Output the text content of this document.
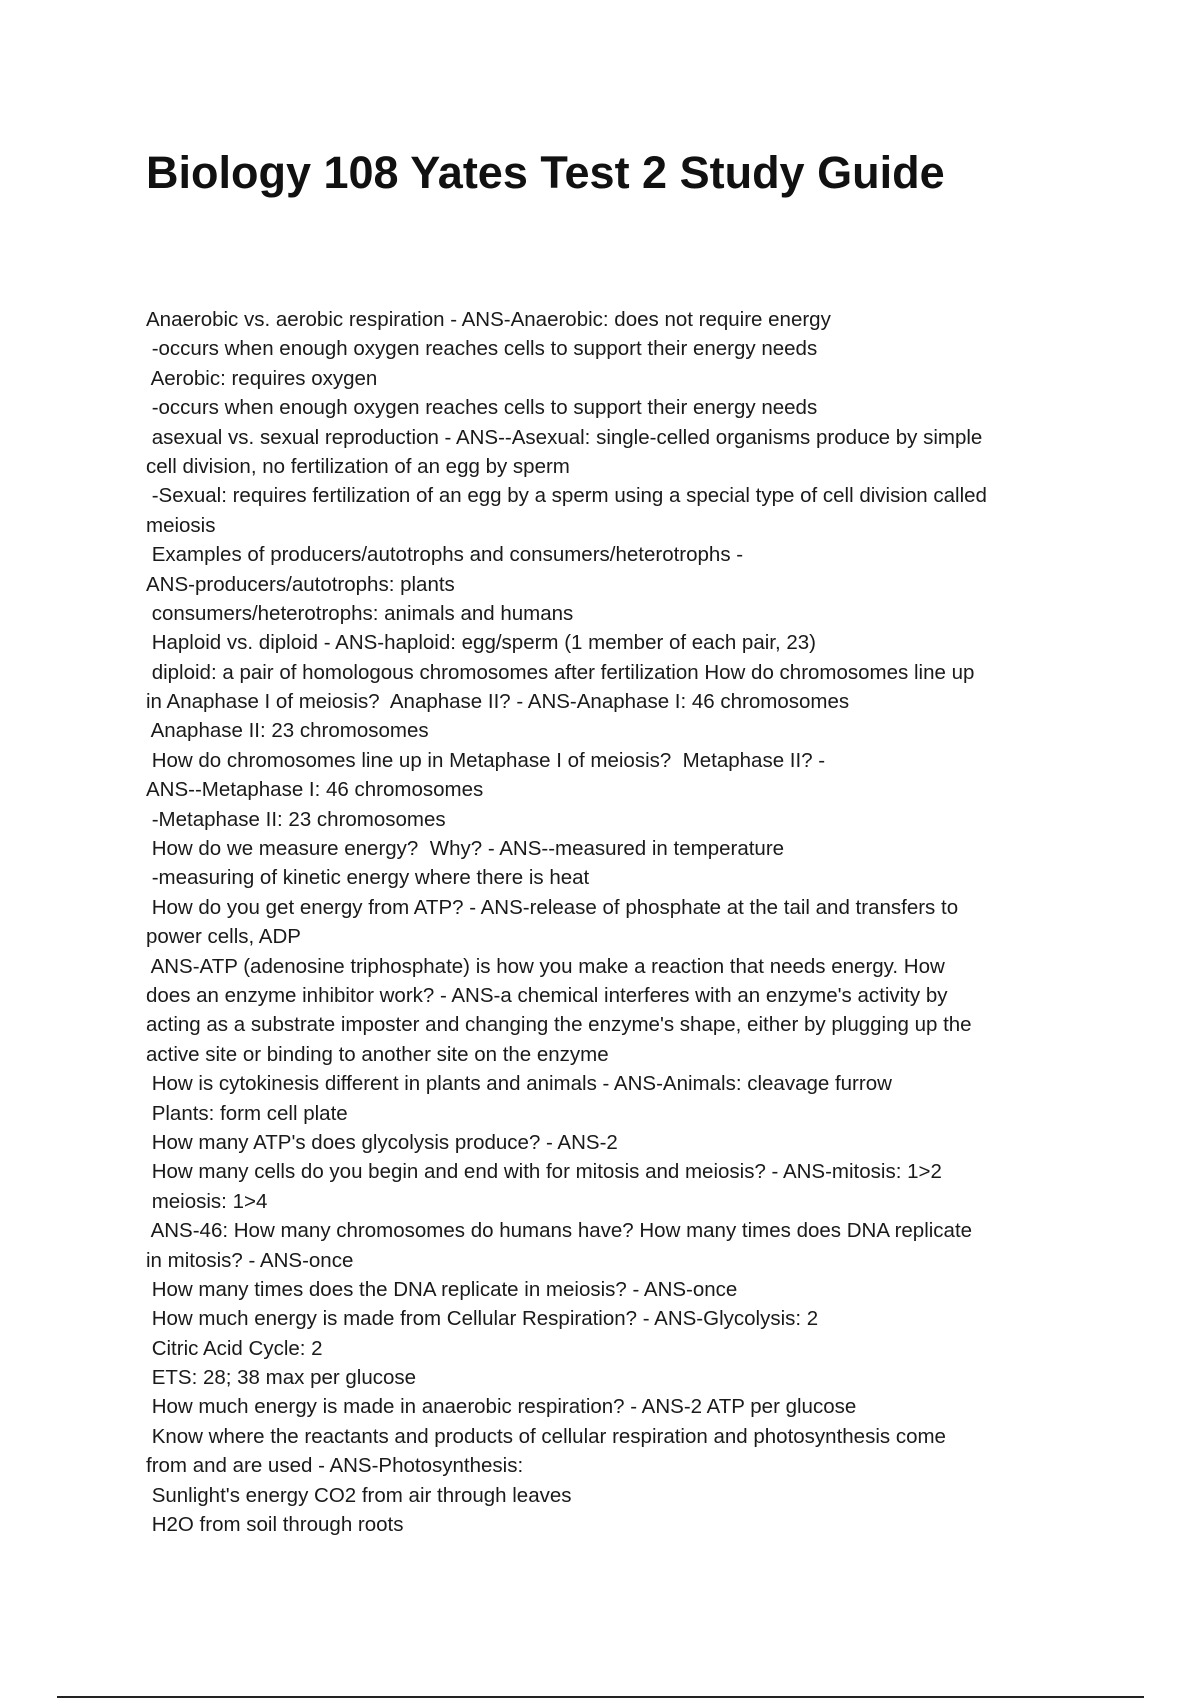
Biology 108 Yates Test 2 Study Guide
Anaerobic vs. aerobic respiration - ANS-Anaerobic: does not require energy
-occurs when enough oxygen reaches cells to support their energy needs
Aerobic: requires oxygen
-occurs when enough oxygen reaches cells to support their energy needs
asexual vs. sexual reproduction - ANS--Asexual: single-celled organisms produce by simple
cell division, no fertilization of an egg by sperm
-Sexual: requires fertilization of an egg by a sperm using a special type of cell division called
meiosis
Examples of producers/autotrophs and consumers/heterotrophs -
ANS-producers/autotrophs: plants
consumers/heterotrophs: animals and humans
Haploid vs. diploid - ANS-haploid: egg/sperm (1 member of each pair, 23)
diploid: a pair of homologous chromosomes after fertilization How do chromosomes line up
in Anaphase I of meiosis?  Anaphase II? - ANS-Anaphase I: 46 chromosomes
Anaphase II: 23 chromosomes
How do chromosomes line up in Metaphase I of meiosis?  Metaphase II? -
ANS--Metaphase I: 46 chromosomes
-Metaphase II: 23 chromosomes
How do we measure energy?  Why? - ANS--measured in temperature
-measuring of kinetic energy where there is heat
How do you get energy from ATP? - ANS-release of phosphate at the tail and transfers to
power cells, ADP
ANS-ATP (adenosine triphosphate) is how you make a reaction that needs energy. How
does an enzyme inhibitor work? - ANS-a chemical interferes with an enzyme's activity by
acting as a substrate imposter and changing the enzyme's shape, either by plugging up the
active site or binding to another site on the enzyme
How is cytokinesis different in plants and animals - ANS-Animals: cleavage furrow
Plants: form cell plate
How many ATP's does glycolysis produce? - ANS-2
How many cells do you begin and end with for mitosis and meiosis? - ANS-mitosis: 1>2
meiosis: 1>4
ANS-46: How many chromosomes do humans have? How many times does DNA replicate
in mitosis? - ANS-once
How many times does the DNA replicate in meiosis? - ANS-once
How much energy is made from Cellular Respiration? - ANS-Glycolysis: 2
Citric Acid Cycle: 2
ETS: 28; 38 max per glucose
How much energy is made in anaerobic respiration? - ANS-2 ATP per glucose
Know where the reactants and products of cellular respiration and photosynthesis come
from and are used - ANS-Photosynthesis:
Sunlight's energy CO2 from air through leaves
H2O from soil through roots
